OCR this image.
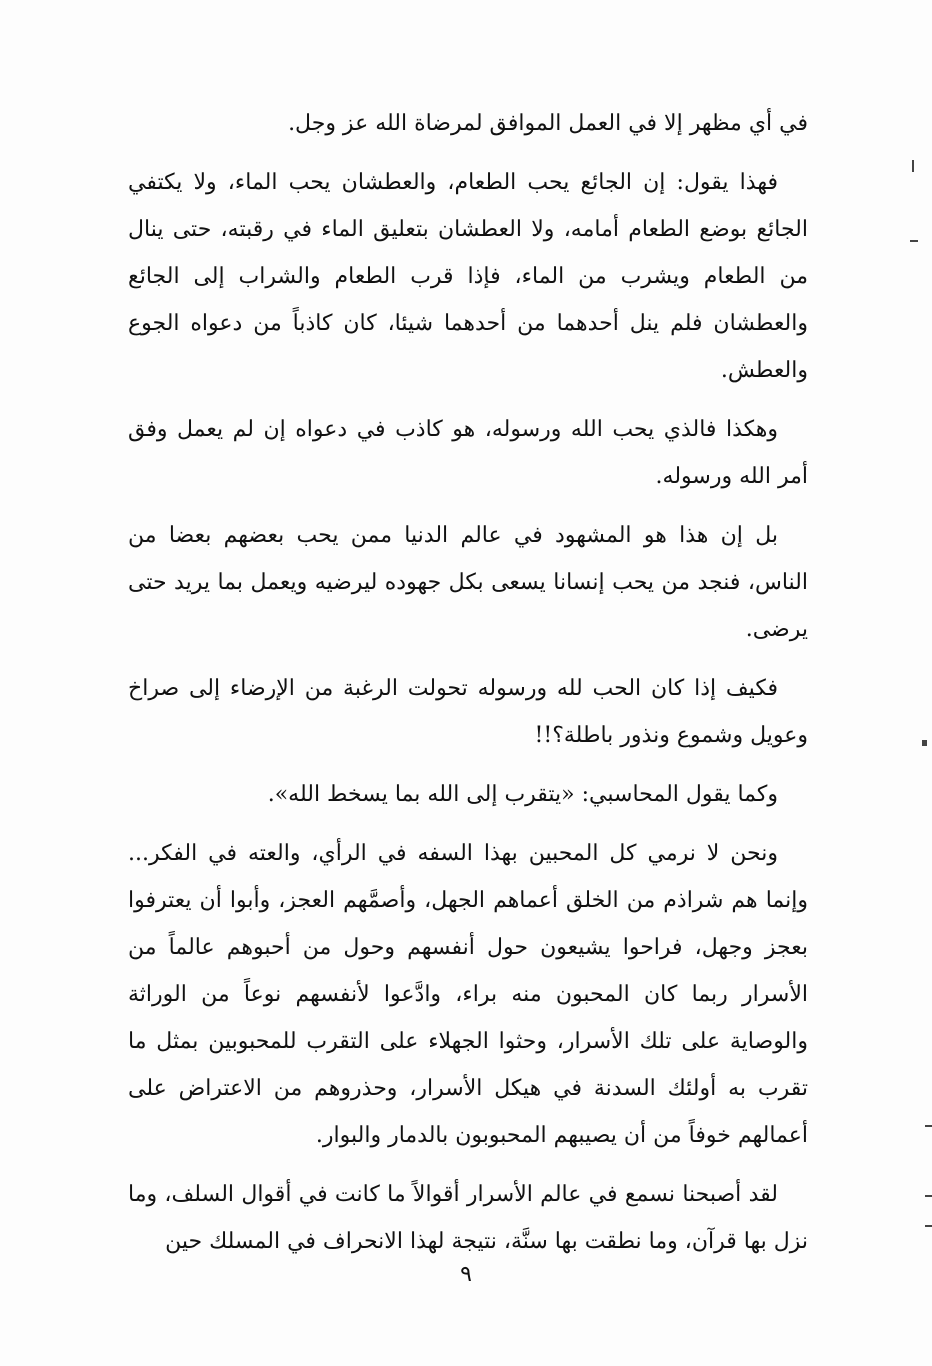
في أي مظهر إلا في العمل الموافق لمرضاة الله عز وجل.

فهذا يقول: إن الجائع يحب الطعام، والعطشان يحب الماء، ولا يكتفي الجائع بوضع الطعام أمامه، ولا العطشان بتعليق الماء في رقبته، حتى ينال من الطعام ويشرب من الماء، فإذا قرب الطعام والشراب إلى الجائع والعطشان فلم ينل أحدهما من أحدهما شيئا، كان كاذباً من دعواه الجوع والعطش.

وهكذا فالذي يحب الله ورسوله، هو كاذب في دعواه إن لم يعمل وفق أمر الله ورسوله.

بل إن هذا هو المشهود في عالم الدنيا ممن يحب بعضهم بعضا من الناس، فنجد من يحب إنسانا يسعى بكل جهوده ليرضيه ويعمل بما يريد حتى يرضى.

فكيف إذا كان الحب لله ورسوله تحولت الرغبة من الإرضاء إلى صراخ وعويل وشموع ونذور باطلة؟!!

وكما يقول المحاسبي: «يتقرب إلى الله بما يسخط الله».

ونحن لا نرمي كل المحبين بهذا السفه في الرأي، والعته في الفكر... وإنما هم شراذم من الخلق أعماهم الجهل، وأصمَّهم العجز، وأبوا أن يعترفوا بعجز وجهل، فراحوا يشيعون حول أنفسهم وحول من أحبوهم عالماً من الأسرار ربما كان المحبون منه براء، وادَّعوا لأنفسهم نوعاً من الوراثة والوصاية على تلك الأسرار، وحثوا الجهلاء على التقرب للمحبوبين بمثل ما تقرب به أولئك السدنة في هيكل الأسرار، وحذروهم من الاعتراض على أعمالهم خوفاً من أن يصيبهم المحبوبون بالدمار والبوار.

لقد أصبحنا نسمع في عالم الأسرار أقوالاً ما كانت في أقوال السلف، وما نزل بها قرآن، وما نطقت بها سنَّة، نتيجة لهذا الانحراف في المسلك حين

٩
